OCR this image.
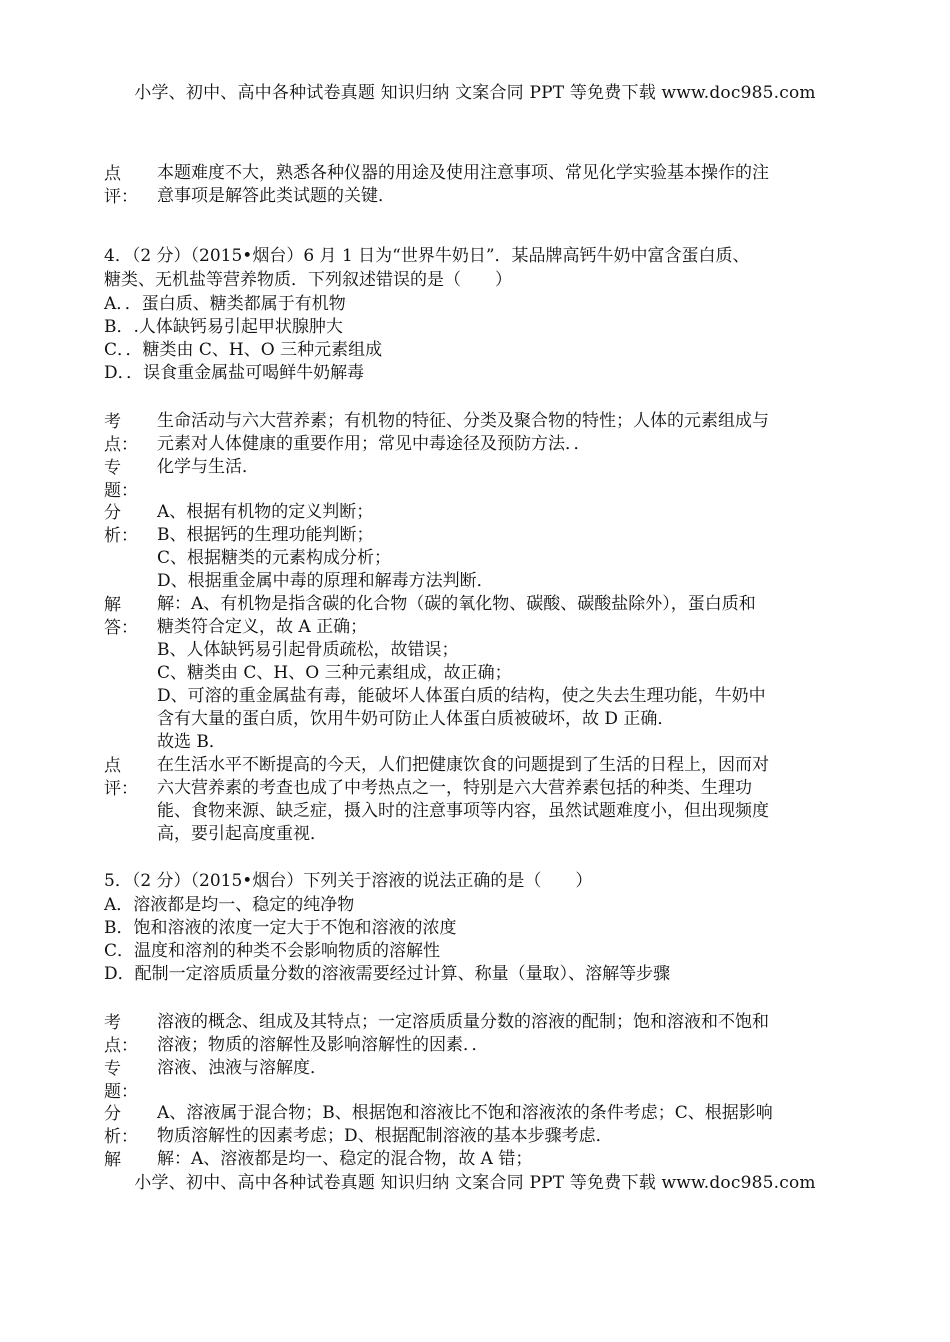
小学、初中、高中各种试卷真题 知识归纳 文案合同 PPT 等免费下载 www.doc985.com
点
评：
本题难度不大，熟悉各种仪器的用途及使用注意事项、常见化学实验基本操作的注
意事项是解答此类试题的关键．
4．（2 分）（2015•烟台）6 月 1 日为“世界牛奶日”．某品牌高钙牛奶中富含蛋白质、
糖类、无机盐等营养物质．下列叙述错误的是（　　）
A．．蛋白质、糖类都属于有机物
B．.人体缺钙易引起甲状腺肿大
C．．糖类由 C、H、O 三种元素组成
D．．误食重金属盐可喝鲜牛奶解毒
考
点：
生命活动与六大营养素；有机物的特征、分类及聚合物的特性；人体的元素组成与
元素对人体健康的重要作用；常见中毒途径及预防方法．．
专
题：
化学与生活．
分
析：
A、根据有机物的定义判断；
B、根据钙的生理功能判断；
C、根据糖类的元素构成分析；
D、根据重金属中毒的原理和解毒方法判断．
解
答：
解：A、有机物是指含碳的化合物（碳的氧化物、碳酸、碳酸盐除外），蛋白质和
糖类符合定义，故 A 正确；
B、人体缺钙易引起骨质疏松，故错误；
C、糖类由 C、H、O 三种元素组成，故正确；
D、可溶的重金属盐有毒，能破坏人体蛋白质的结构，使之失去生理功能，牛奶中
含有大量的蛋白质，饮用牛奶可防止人体蛋白质被破坏，故 D 正确．
故选 B．
点
评：
在生活水平不断提高的今天，人们把健康饮食的问题提到了生活的日程上，因而对
六大营养素的考查也成了中考热点之一，特别是六大营养素包括的种类、生理功
能、食物来源、缺乏症，摄入时的注意事项等内容，虽然试题难度小，但出现频度
高，要引起高度重视．
5．（2 分）（2015•烟台）下列关于溶液的说法正确的是（　　）
A．溶液都是均一、稳定的纯净物
B．饱和溶液的浓度一定大于不饱和溶液的浓度
C．温度和溶剂的种类不会影响物质的溶解性
D．配制一定溶质质量分数的溶液需要经过计算、称量（量取）、溶解等步骤
考
点：
溶液的概念、组成及其特点；一定溶质质量分数的溶液的配制；饱和溶液和不饱和
溶液；物质的溶解性及影响溶解性的因素．．
专
题：
溶液、浊液与溶解度．
分
析：
A、溶液属于混合物；B、根据饱和溶液比不饱和溶液浓的条件考虑；C、根据影响
物质溶解性的因素考虑；D、根据配制溶液的基本步骤考虑．
解	解：A、溶液都是均一、稳定的混合物，故 A 错；
小学、初中、高中各种试卷真题 知识归纳 文案合同 PPT 等免费下载 www.doc985.com
